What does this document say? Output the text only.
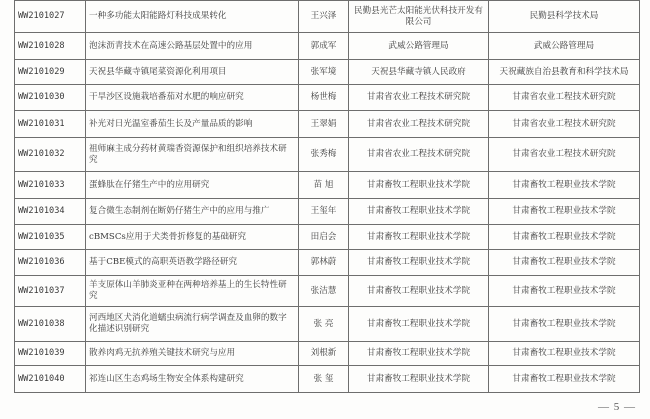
WW2101027	一种多功能太阳能路灯科技成果转化	王兴泽	民勤县光芒太阳能光伏科技开发有限公司	民勤县科学技术局
WW2101028	泡沫沥青技术在高速公路基层处置中的应用	郭成军	武威公路管理局	武威公路管理局
WW2101029	天祝县华藏寺镇尾菜资源化利用项目	张军境	天祝县华藏寺镇人民政府	天祝藏族自治县教育和科学技术局
WW2101030	干旱沙区设施栽培番茄对水肥的响应研究	杨世梅	甘肃省农业工程技术研究院	甘肃省农业工程技术研究院
WW2101031	补光对日光温室番茄生长及产量品质的影响	王翠娟	甘肃省农业工程技术研究院	甘肃省农业工程技术研究院
WW2101032	祖师麻主成分药材黄瑞香资源保护和组织培养技术研究	张秀梅	甘肃省农业工程技术研究院	甘肃省农业工程技术研究院
WW2101033	蛋蜂肽在仔猪生产中的应用研究	苗 旭	甘肃畜牧工程职业技术学院	甘肃畜牧工程职业技术学院
WW2101034	复合微生态制剂在断奶仔猪生产中的应用与推广	王玺年	甘肃畜牧工程职业技术学院	甘肃畜牧工程职业技术学院
WW2101035	cBMSCs应用于犬类骨折修复的基础研究	田启会	甘肃畜牧工程职业技术学院	甘肃畜牧工程职业技术学院
WW2101036	基于CBE模式的高职英语教学路径研究	郭林蔚	甘肃畜牧工程职业技术学院	甘肃畜牧工程职业技术学院
WW2101037	羊支原体山羊肺炎亚种在两种培养基上的生长特性研究	张洁慧	甘肃畜牧工程职业技术学院	甘肃畜牧工程职业技术学院
WW2101038	河西地区犬消化道蠕虫病流行病学调查及血卵的数字化描述识别研究	张 亮	甘肃畜牧工程职业技术学院	甘肃畜牧工程职业技术学院
WW2101039	散养肉鸡无抗养殖关键技术研究与应用	刘根新	甘肃畜牧工程职业技术学院	甘肃畜牧工程职业技术学院
WW2101040	祁连山区生态鸡场生物安全体系构建研究	张 玺	甘肃畜牧工程职业技术学院	甘肃畜牧工程职业技术学院
— 5 —
